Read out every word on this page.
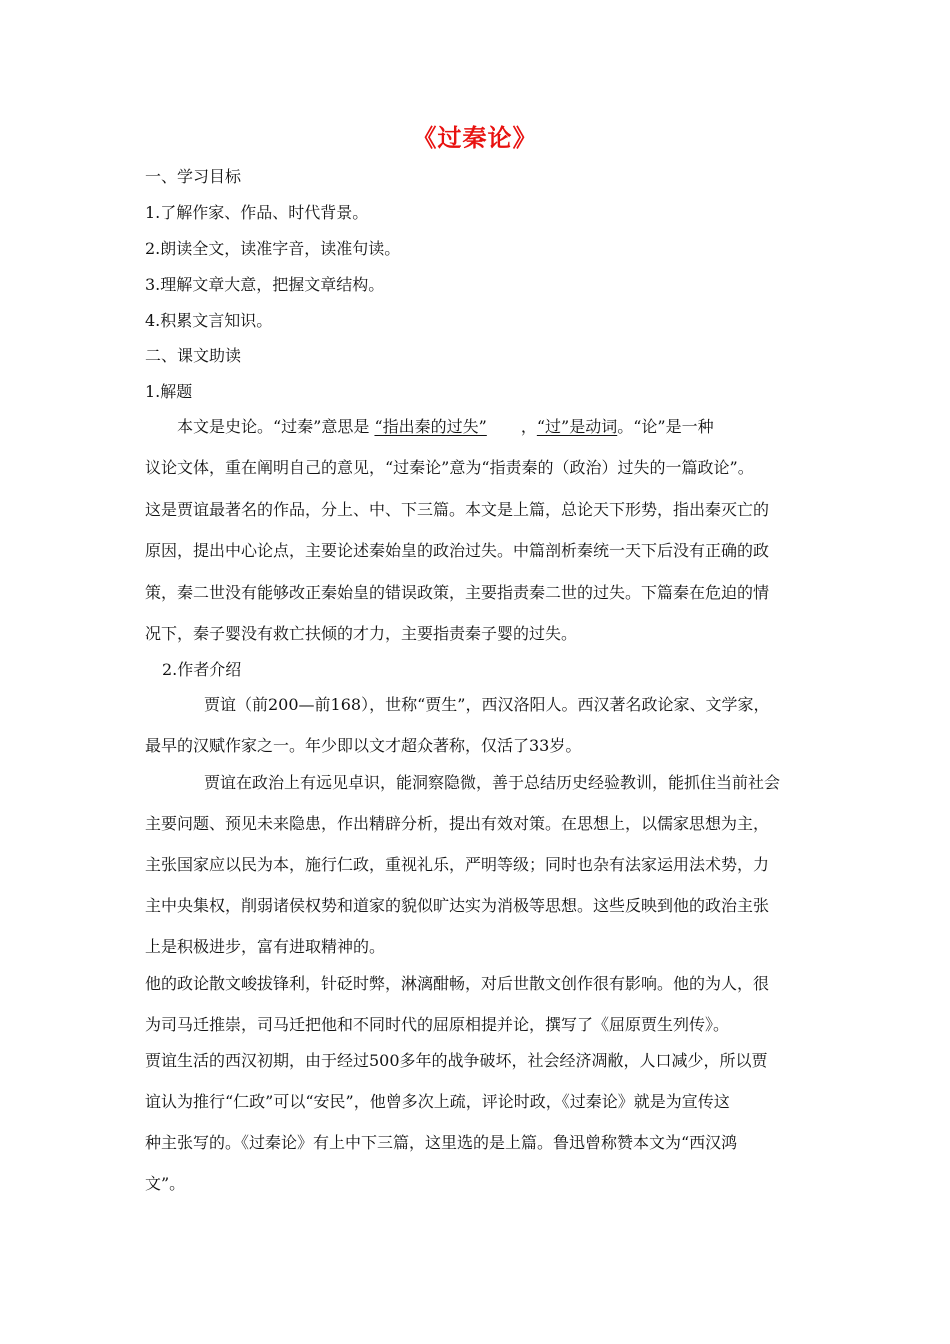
《过秦论》
一、学习目标
1.了解作家、作品、时代背景。
2.朗读全文，读准字音，读准句读。
3.理解文章大意，把握文章结构。
4.积累文言知识。
二、课文助读
1.解题
本文是史论。“过秦”意思是 “指出秦的过失” ，“过”是动词。“论”是一种
议论文体，重在阐明自己的意见，“过秦论”意为“指责秦的（政治）过失的一篇政论”。
这是贾谊最著名的作品，分上、中、下三篇。本文是上篇，总论天下形势，指出秦灭亡的
原因，提出中心论点，主要论述秦始皇的政治过失。中篇剖析秦统一天下后没有正确的政
策，秦二世没有能够改正秦始皇的错误政策，主要指责秦二世的过失。下篇秦在危迫的情
况下，秦子婴没有救亡扶倾的才力，主要指责秦子婴的过失。
2.作者介绍
贾谊（前200—前168），世称“贾生”，西汉洛阳人。西汉著名政论家、文学家，
最早的汉赋作家之一。年少即以文才超众著称，仅活了33岁。
贾谊在政治上有远见卓识，能洞察隐微，善于总结历史经验教训，能抓住当前社会
主要问题、预见未来隐患，作出精辟分析，提出有效对策。在思想上，以儒家思想为主，
主张国家应以民为本，施行仁政，重视礼乐，严明等级；同时也杂有法家运用法术势，力
主中央集权，削弱诸侯权势和道家的貌似旷达实为消极等思想。这些反映到他的政治主张
上是积极进步，富有进取精神的。
他的政论散文峻拔锋利，针砭时弊，淋漓酣畅，对后世散文创作很有影响。他的为人，很
为司马迁推崇，司马迁把他和不同时代的屈原相提并论，撰写了《屈原贾生列传》。
贾谊生活的西汉初期，由于经过500多年的战争破坏，社会经济凋敝，人口减少，所以贾
谊认为推行“仁政”可以“安民”，他曾多次上疏，评论时政，《过秦论》就是为宣传这
种主张写的。《过秦论》有上中下三篇，这里选的是上篇。鲁迅曾称赞本文为“西汉鸿
文”。
